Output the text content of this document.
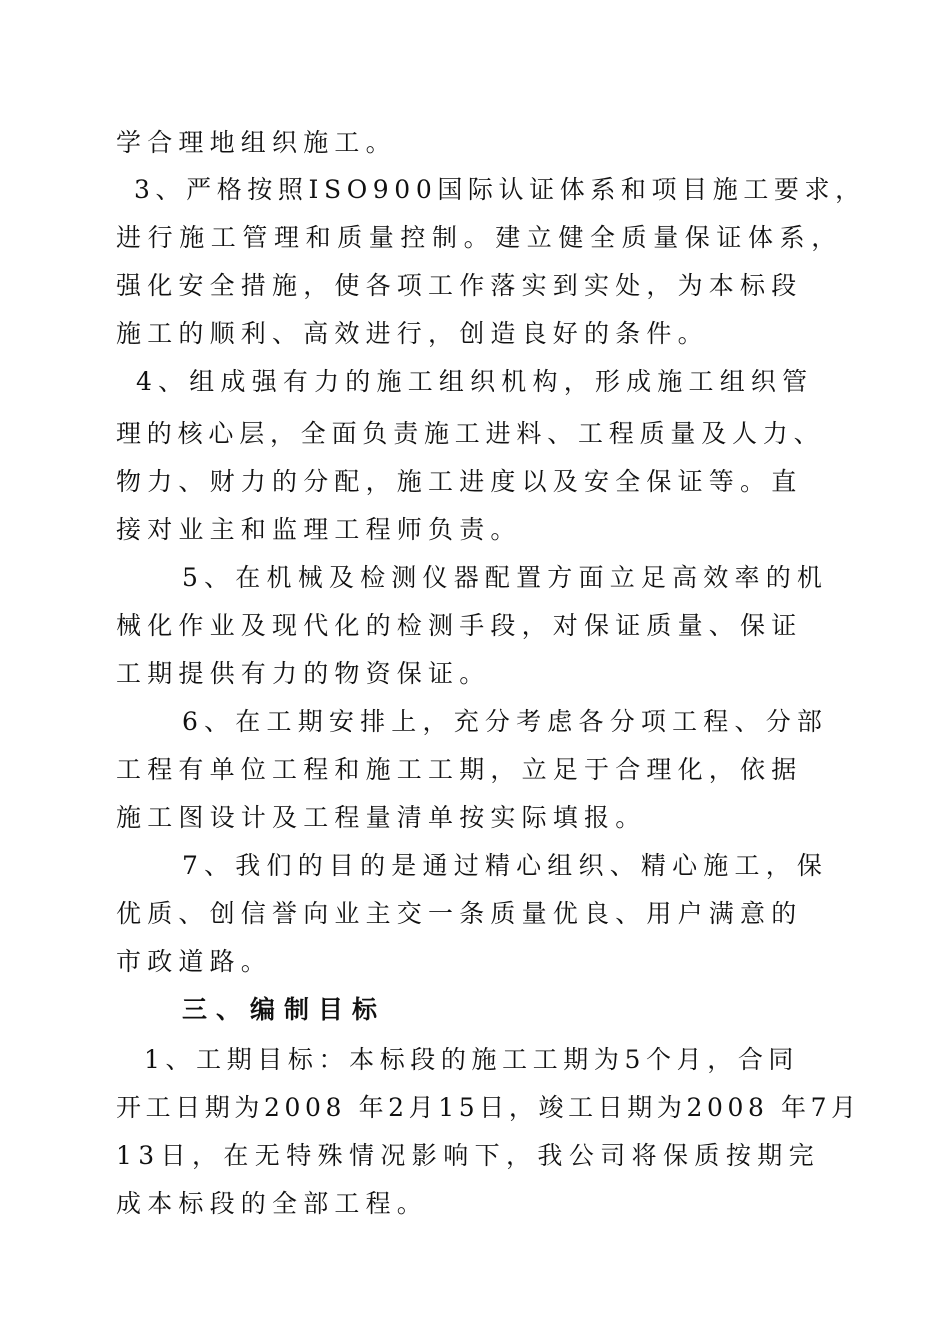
学合理地组织施工。
3、严格按照ISO900国际认证体系和项目施工要求，
进行施工管理和质量控制。建立健全质量保证体系，
强化安全措施，使各项工作落实到实处，为本标段
施工的顺利、高效进行，创造良好的条件。
4、组成强有力的施工组织机构，形成施工组织管
理的核心层，全面负责施工进料、工程质量及人力、
物力、财力的分配，施工进度以及安全保证等。直
接对业主和监理工程师负责。
5、在机械及检测仪器配置方面立足高效率的机
械化作业及现代化的检测手段，对保证质量、保证
工期提供有力的物资保证。
6、在工期安排上，充分考虑各分项工程、分部
工程有单位工程和施工工期，立足于合理化，依据
施工图设计及工程量清单按实际填报。
7、我们的目的是通过精心组织、精心施工，保
优质、创信誉向业主交一条质量优良、用户满意的
市政道路。
三、编制目标
1、工期目标：本标段的施工工期为5个月，合同
开工日期为2008 年2月15日，竣工日期为2008 年7月
13日，在无特殊情况影响下，我公司将保质按期完
成本标段的全部工程。
